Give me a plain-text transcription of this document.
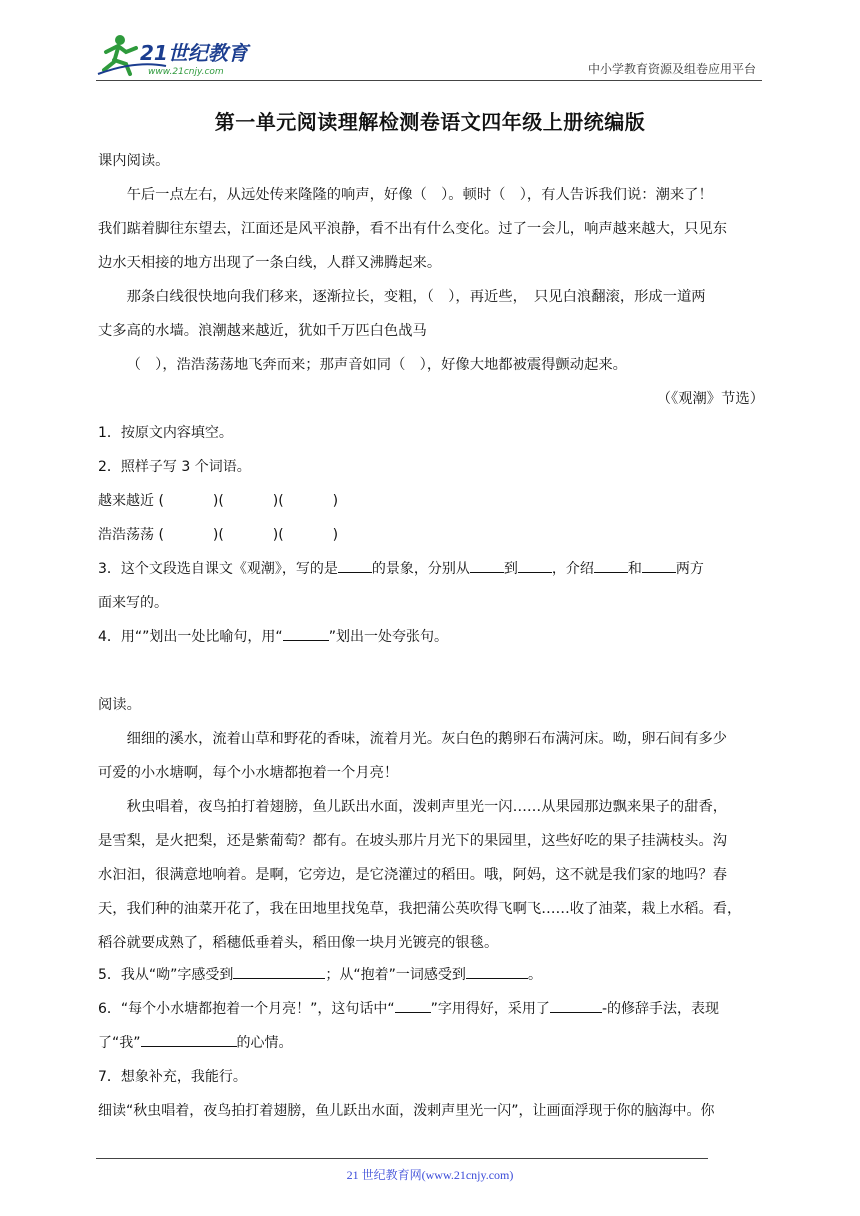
21世纪教育
www.21cnjy.com	中小学教育资源及组卷应用平台
第一单元阅读理解检测卷语文四年级上册统编版

课内阅读。

午后一点左右，从远处传来隆隆的响声，好像（　）。顿时（　），有人告诉我们说：潮来了！

我们踮着脚往东望去，江面还是风平浪静，看不出有什么变化。过了一会儿，响声越来越大，只见东

边水天相接的地方出现了一条白线，人群又沸腾起来。

那条白线很快地向我们移来，逐渐拉长，变粗，（　），再近些，　只见白浪翻滚，形成一道两

丈多高的水墙。浪潮越来越近，犹如千万匹白色战马

（　），浩浩荡荡地飞奔而来；那声音如同（　），好像大地都被震得颤动起来。

（《观潮》节选）

1．按原文内容填空。

2．照样子写 3 个词语。

越来越近 (           )(           )(           )

浩浩荡荡 (           )(           )(           )

3．这个文段选自课文《观潮》，写的是 的景象，分别从 到 ，介绍 和 两方

面来写的。

4．用“”划出一处比喻句，用“	”划出一处夸张句。

阅读。

细细的溪水，流着山草和野花的香味，流着月光。灰白色的鹅卵石布满河床。呦，卵石间有多少

可爱的小水塘啊，每个小水塘都抱着一个月亮！

秋虫唱着，夜鸟拍打着翅膀，鱼儿跃出水面，泼剌声里光一闪……从果园那边飘来果子的甜香，

是雪梨，是火把梨，还是紫葡萄？都有。在坡头那片月光下的果园里，这些好吃的果子挂满枝头。沟

水汩汩，很满意地响着。是啊，它旁边，是它浇灌过的稻田。哦，阿妈，这不就是我们家的地吗？春

天，我们种的油菜开花了，我在田地里找兔草，我把蒲公英吹得飞啊飞……收了油菜，栽上水稻。看，

稻谷就要成熟了，稻穗低垂着头，稻田像一块月光镀亮的银毯。

5．我从“呦”字感受到	；从“抱着”一词感受到	。

6．“每个小水塘都抱着一个月亮！”，这句话中“	”字用得好，采用了	-的修辞手法，表现

了“我”	的心情。

7．想象补充，我能行。

细读“秋虫唱着，夜鸟拍打着翅膀，鱼儿跃出水面，泼剌声里光一闪”，让画面浮现于你的脑海中。你

21 世纪教育网(www.21cnjy.com)
